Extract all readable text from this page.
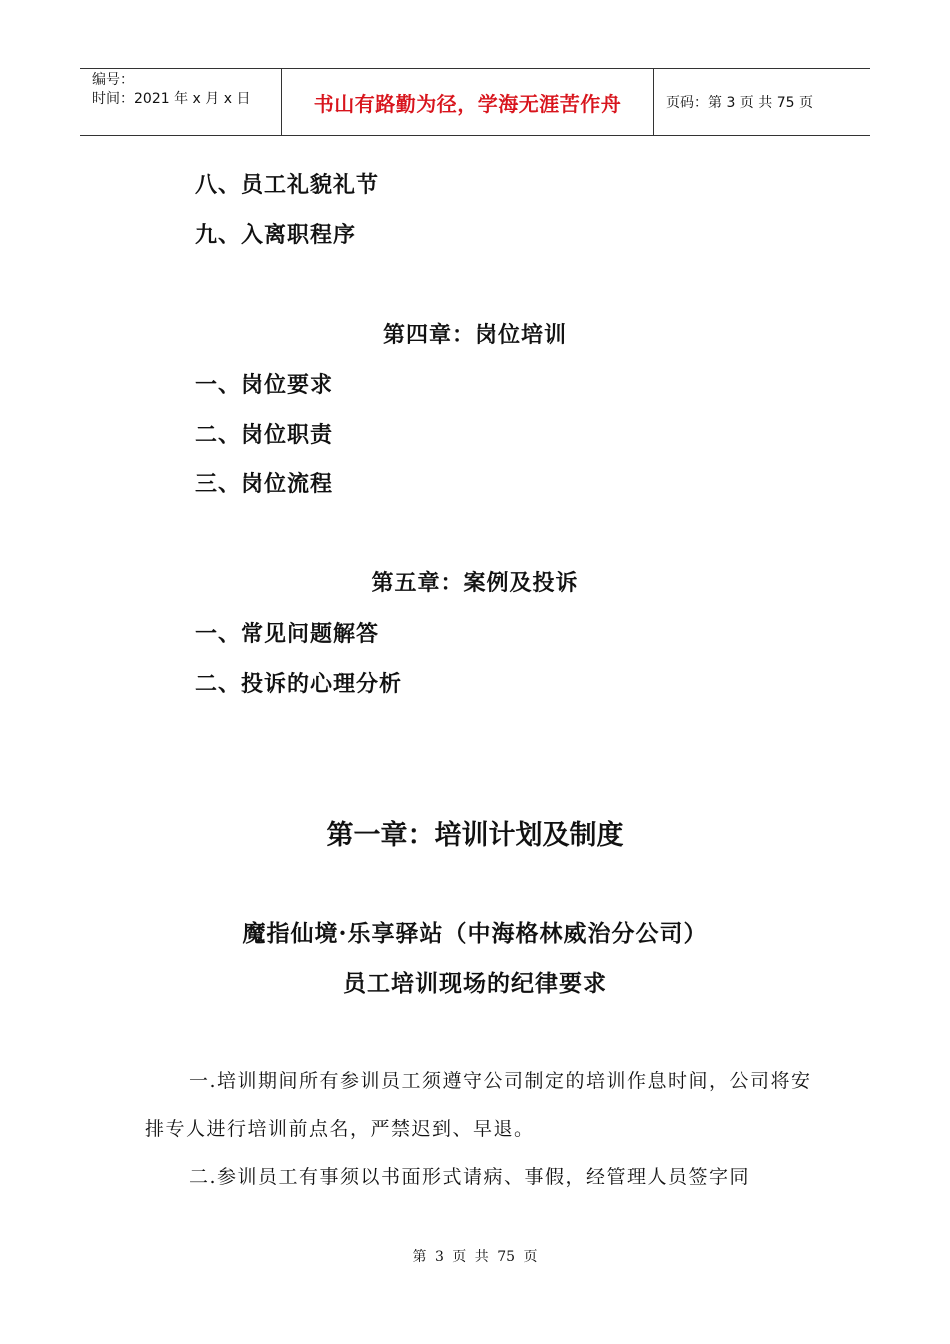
编号：
时间：2021 年 x 月 x 日	书山有路勤为径，学海无涯苦作舟	页码：第 3 页 共 75 页
八、员工礼貌礼节
九、入离职程序
第四章：岗位培训
一、岗位要求
二、岗位职责
三、岗位流程
第五章：案例及投诉
一、常见问题解答
二、投诉的心理分析
第一章：培训计划及制度
魔指仙境·乐享驿站（中海格林威治分公司）
员工培训现场的纪律要求
一.培训期间所有参训员工须遵守公司制定的培训作息时间，公司将安排专人进行培训前点名，严禁迟到、早退。
二.参训员工有事须以书面形式请病、事假，经管理人员签字同
第 3 页 共 75 页
